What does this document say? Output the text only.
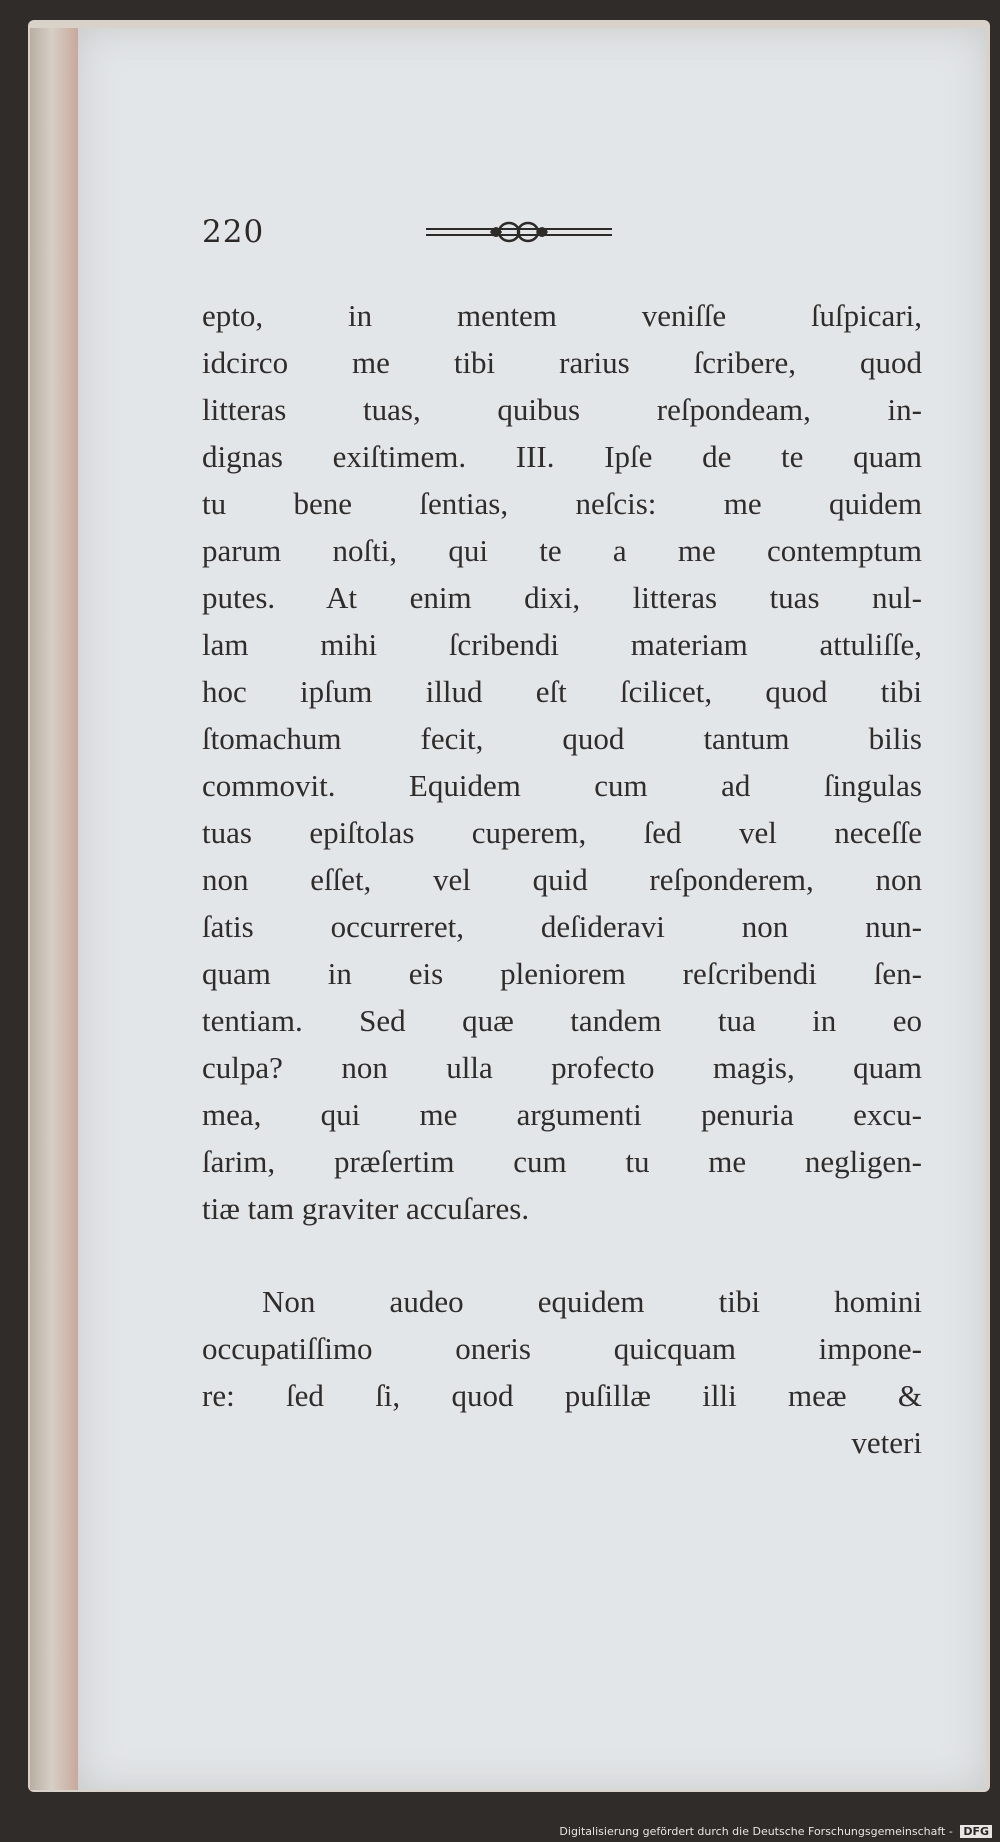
220
epto, in mentem veniſſe ſuſpicari,
idcirco me tibi rarius ſcribere, quod
litteras tuas, quibus reſpondeam, in-
dignas exiſtimem. III. Ipſe de te quam
tu bene ſentias, neſcis: me quidem
parum noſti, qui te a me contemptum
putes. At enim dixi, litteras tuas nul-
lam mihi ſcribendi materiam attuliſſe,
hoc ipſum illud eſt ſcilicet, quod tibi
ſtomachum fecit, quod tantum bilis
commovit. Equidem cum ad ſingulas
tuas epiſtolas cuperem, ſed vel neceſſe
non eſſet, vel quid reſponderem, non
ſatis occurreret, deſideravi non nun-
quam in eis pleniorem reſcribendi ſen-
tentiam. Sed quæ tandem tua in eo
culpa? non ulla profecto magis, quam
mea, qui me argumenti penuria excu-
ſarim, præſertim cum tu me negligen-
tiæ tam graviter accuſares.
Non audeo equidem tibi homini
occupatiſſimo oneris quicquam impone-
re: ſed ſi, quod puſillæ illi meæ &
veteri
Digitalisierung gefördert durch die Deutsche Forschungsgemeinschaft - DFG
